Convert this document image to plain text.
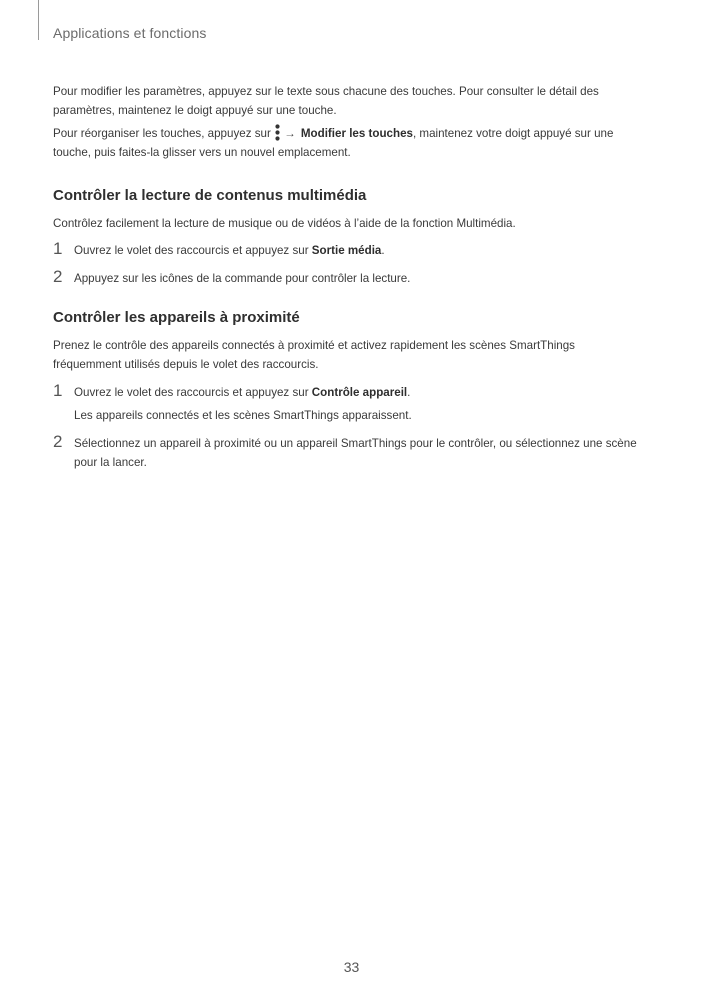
Applications et fonctions

Pour modifier les paramètres, appuyez sur le texte sous chacune des touches. Pour consulter le détail des paramètres, maintenez le doigt appuyé sur une touche.

Pour réorganiser les touches, appuyez sur → Modifier les touches, maintenez votre doigt appuyé sur une touche, puis faites-la glisser vers un nouvel emplacement.

Contrôler la lecture de contenus multimédia

Contrôlez facilement la lecture de musique ou de vidéos à l’aide de la fonction Multimédia.

1 Ouvrez le volet des raccourcis et appuyez sur Sortie média.

2 Appuyez sur les icônes de la commande pour contrôler la lecture.

Contrôler les appareils à proximité

Prenez le contrôle des appareils connectés à proximité et activez rapidement les scènes SmartThings fréquemment utilisés depuis le volet des raccourcis.

1 Ouvrez le volet des raccourcis et appuyez sur Contrôle appareil.

Les appareils connectés et les scènes SmartThings apparaissent.

2 Sélectionnez un appareil à proximité ou un appareil SmartThings pour le contrôler, ou sélectionnez une scène pour la lancer.

33
